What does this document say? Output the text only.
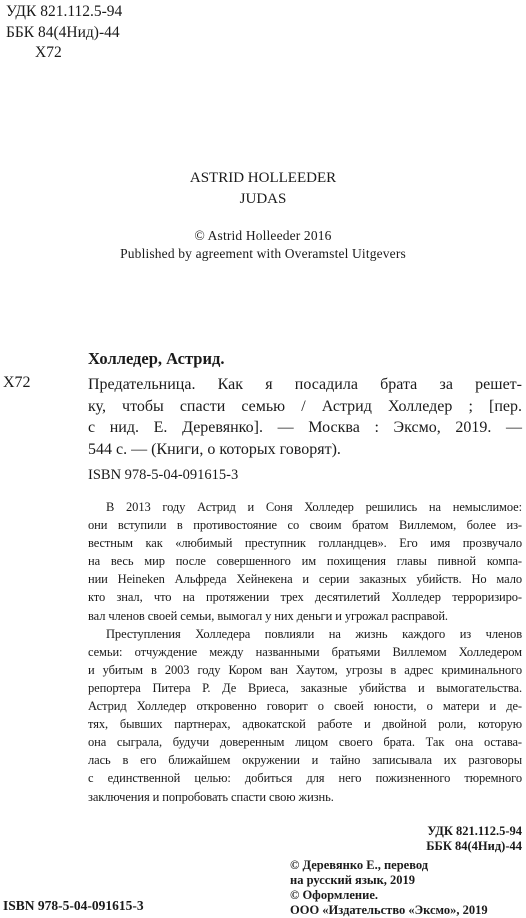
УДК 821.112.5-94
ББК 84(4Нид)-44
Х72
ASTRID HOLLEEDER
JUDAS
© Astrid Holleeder 2016
Published by agreement with Overamstel Uitgevers
Холледер, Астрид.
Х72	Предательница. Как я посадила брата за решет-
ку, чтобы спасти семью / Астрид Холледер ; [пер.
с нид. Е. Деревянко]. — Москва : Эксмо, 2019. —
544 с. — (Книги, о которых говорят).
ISBN 978-5-04-091615-3

В 2013 году Астрид и Соня Холледер решились на немыслимое:
они вступили в противостояние со своим братом Виллемом, более из-
вестным как «любимый преступник голландцев». Его имя прозвучало
на весь мир после совершенного им похищения главы пивной компа-
нии Heineken Альфреда Хейнекена и серии заказных убийств. Но мало
кто знал, что на протяжении трех десятилетий Холледер терроризиро-
вал членов своей семьи, вымогал у них деньги и угрожал расправой.

Преступления Холледера повлияли на жизнь каждого из членов
семьи: отчуждение между названными братьями Виллемом Холледером
и убитым в 2003 году Кором ван Хаутом, угрозы в адрес криминального
репортера Питера Р. Де Вриеса, заказные убийства и вымогательства.
Астрид Холледер откровенно говорит о своей юности, о матери и де-
тях, бывших партнерах, адвокатской работе и двойной роли, которую
она сыграла, будучи доверенным лицом своего брата. Так она остава-
лась в его ближайшем окружении и тайно записывала их разговоры
с единственной целью: добиться для него пожизненного тюремного
заключения и попробовать спасти свою жизнь.

УДК 821.112.5-94
ББК 84(4Нид)-44
ISBN 978-5-04-091615-3
© Деревянко Е., перевод
на русский язык, 2019
© Оформление.
ООО «Издательство «Эксмо», 2019
